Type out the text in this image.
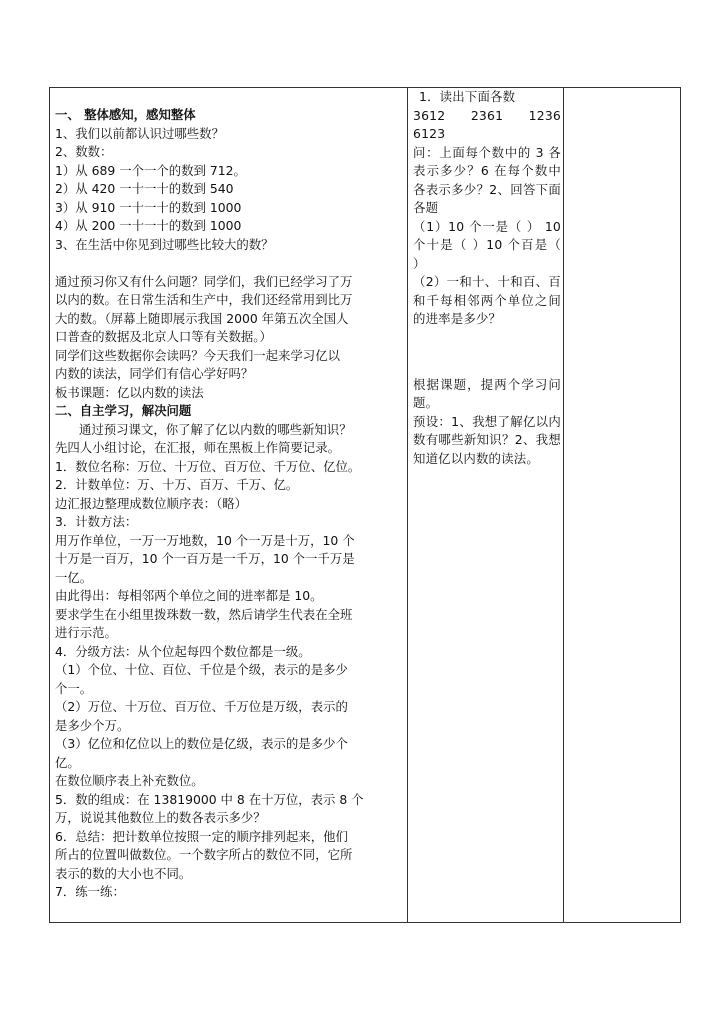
一、 整体感知，感知整体
1、我们以前都认识过哪些数？
2、数数：
1）从 689 一个一个的数到 712。
2）从 420 一十一十的数到 540
3）从 910 一十一十的数到 1000
4）从 200 一十一十的数到 1000
3、在生活中你见到过哪些比较大的数？
通过预习你又有什么问题？同学们，我们已经学习了万
以内的数。在日常生活和生产中，我们还经常用到比万
大的数。（屏幕上随即展示我国 2000 年第五次全国人
口普查的数据及北京人口等有关数据。）
同学们这些数据你会读吗？今天我们一起来学习亿以
内数的读法，同学们有信心学好吗？
板书课题：亿以内数的读法
二、自主学习，解决问题
通过预习课文，你了解了亿以内数的哪些新知识？
先四人小组讨论，在汇报，师在黑板上作简要记录。
1．数位名称：万位、十万位、百万位、千万位、亿位。
2．计数单位：万、十万、百万、千万、亿。
边汇报边整理成数位顺序表：（略）
3．计数方法：
用万作单位，一万一万地数，10 个一万是十万，10 个
十万是一百万，10 个一百万是一千万，10 个一千万是
一亿。
由此得出：每相邻两个单位之间的进率都是 10。
要求学生在小组里拨珠数一数，然后请学生代表在全班
进行示范。
4．分级方法：从个位起每四个数位都是一级。
（1）个位、十位、百位、千位是个级，表示的是多少
个一。
（2）万位、十万位、百万位、千万位是万级，表示的
是多少个万。
（3）亿位和亿位以上的数位是亿级，表示的是多少个
亿。
在数位顺序表上补充数位。
5．数的组成：在 13819000 中 8 在十万位，表示 8 个
万，说说其他数位上的数各表示多少？
6．总结：把计数单位按照一定的顺序排列起来，他们
所占的位置叫做数位。一个数字所占的数位不同，它所
表示的数的大小也不同。
7．练一练：
1．读出下面各数
3612 2361 1236
6123
问：上面每个数中的 3 各表示多少？6 在每个数中各表示多少？2、回答下面各题
（1）10 个一是（ ） 10 个十是（ ）10 个百是（ ）
（2）一和十、十和百、百和千每相邻两个单位之间的进率是多少？
根据课题，提两个学习问题。
预设：1、我想了解亿以内数有哪些新知识？2、我想知道亿以内数的读法。
